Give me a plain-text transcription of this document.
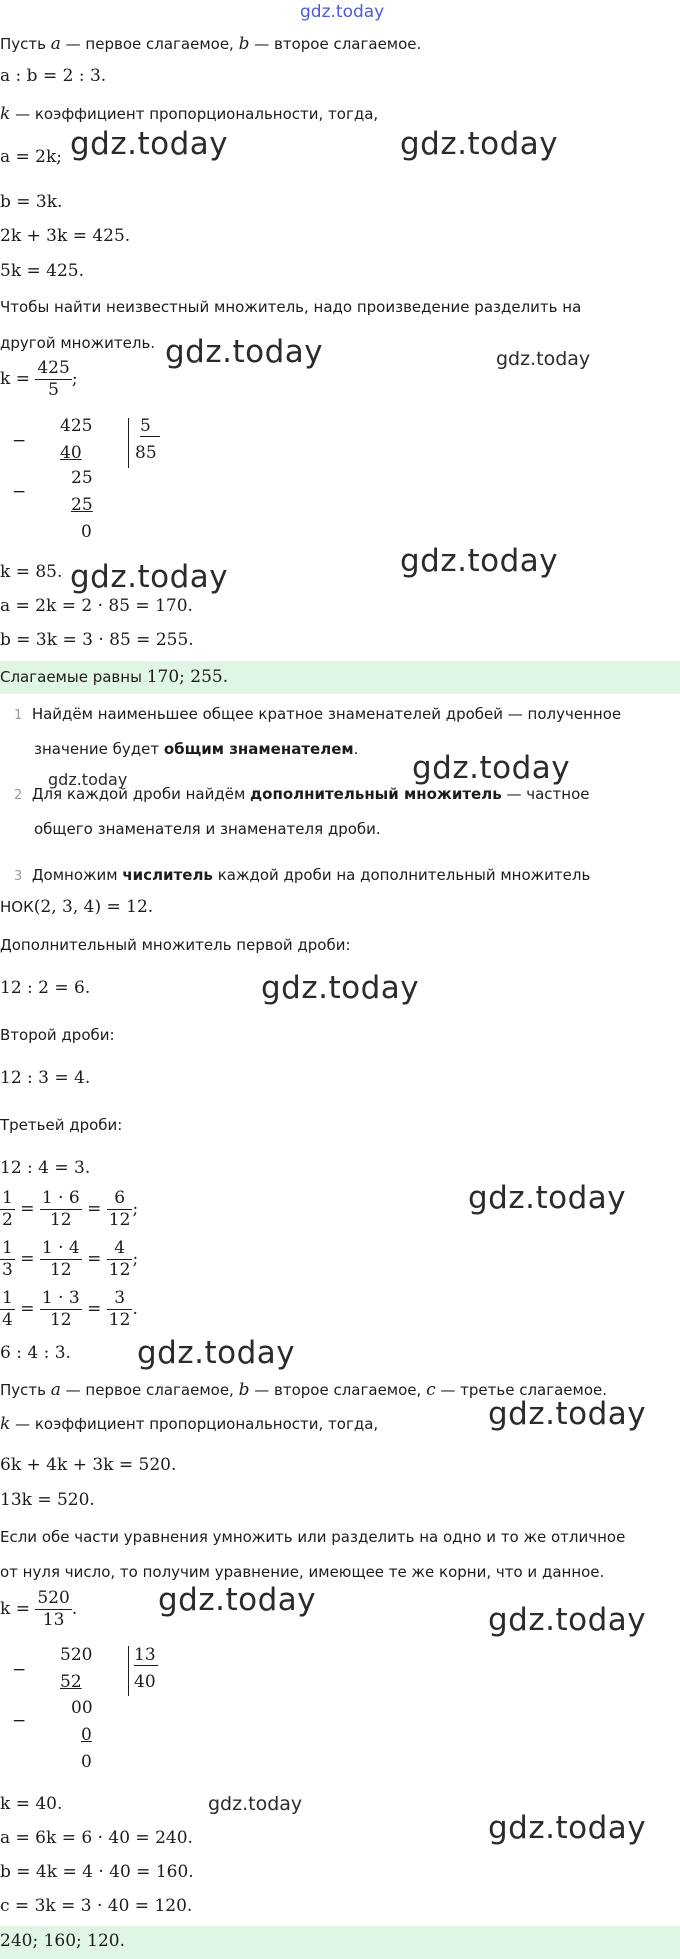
gdz.today
Пусть a — первое слагаемое, b — второе слагаемое.
a : b = 2 : 3.
k — коэффициент пропорциональности, тогда,
a = 2k;
b = 3k.
2k + 3k = 425.
5k = 425.
Чтобы найти неизвестный множитель, надо произведение разделить на
другой множитель.
$k = \frac{425}{5}$ ;
−
425
40
−
25
25
0
5
85
k = 85.
a = 2k = 2 · 85 = 170.
b = 3k = 3 · 85 = 255.
Слагаемые равны 170; 255.
1 Найдём наименьшее общее кратное знаменателей дробей — полученное
значение будет общим знаменателем.
2 Для каждой дроби найдём дополнительный множитель — частное
общего знаменателя и знаменателя дроби.
3 Домножим числитель каждой дроби на дополнительный множитель
НОК(2, 3, 4) = 12.
Дополнительный множитель первой дроби:
12 : 2 = 6.
Второй дроби:
12 : 3 = 4.
Третьей дроби:
12 : 4 = 3.
$\frac{1}{2} = \frac{1 \cdot 6}{12} = \frac{6}{12}$ ;
$\frac{1}{3} = \frac{1 \cdot 4}{12} = \frac{4}{12}$ ;
$\frac{1}{4} = \frac{1 \cdot 3}{12} = \frac{3}{12}$ .
6 : 4 : 3.
Пусть a — первое слагаемое, b — второе слагаемое, c — третье слагаемое.
k — коэффициент пропорциональности, тогда,
6k + 4k + 3k = 520.
13k = 520.
Если обе части уравнения умножить или разделить на одно и то же отличное
от нуля число, то получим уравнение, имеющее те же корни, что и данное.
$k = \frac{520}{13}$ .
−
520
52
−
00
0
0
13
40
k = 40.
a = 6k = 6 · 40 = 240.
b = 4k = 4 · 40 = 160.
c = 3k = 3 · 40 = 120.
240; 160; 120.
gdz.today	gdz.today
gdz.today	gdz.today
gdz.today
gdz.today
gdz.today
gdz.today
gdz.today
gdz.today
gdz.today
gdz.today
gdz.today
gdz.today
gdz.today
gdz.today
